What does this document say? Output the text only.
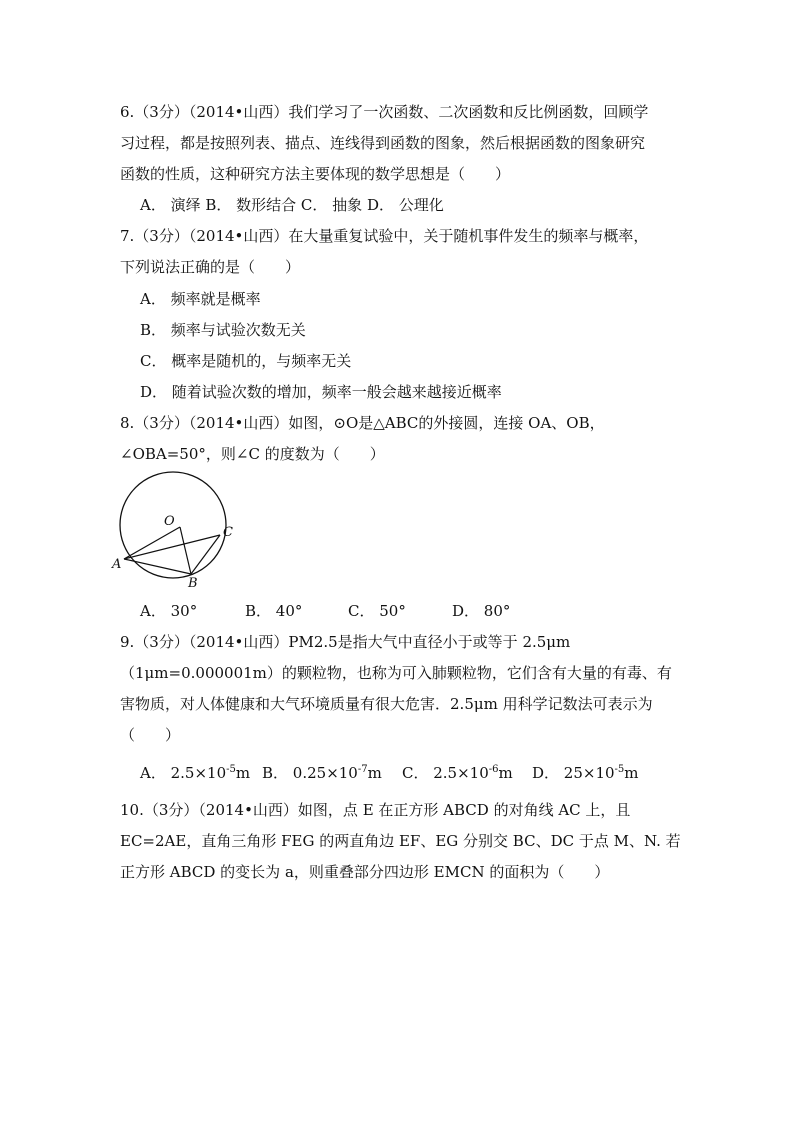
6.（3分）（2014•山西）我们学习了一次函数、二次函数和反比例函数，回顾学
习过程，都是按照列表、描点、连线得到函数的图象，然后根据函数的图象研究
函数的性质，这种研究方法主要体现的数学思想是（　　）
A． 演绎 B． 数形结合 C． 抽象 D． 公理化
7.（3分）（2014•山西）在大量重复试验中，关于随机事件发生的频率与概率，
下列说法正确的是（　　）
A． 频率就是概率
B． 频率与试验次数无关
C． 概率是随机的，与频率无关
D． 随着试验次数的增加，频率一般会越来越接近概率
8.（3分）（2014•山西）如图，⊙O是△ABC的外接圆，连接 OA、OB，
∠OBA=50°，则∠C 的度数为（　　）
O
A
B
C
A． 30°	B． 40°	C． 50°	D． 80°
9.（3分）（2014•山西）PM2.5是指大气中直径小于或等于 2.5μm
（1μm=0.000001m）的颗粒物，也称为可入肺颗粒物，它们含有大量的有毒、有
害物质，对人体健康和大气环境质量有很大危害．2.5μm 用科学记数法可表示为
（　　）
A． $2.5\times 10^{-5}m$ B． $0.25\times 10^{-7}m$ C． $2.5\times 10^{-6}m$ D． $25\times 10^{-5}m$
10.（3分）（2014•山西）如图，点 E 在正方形 ABCD 的对角线 AC 上，且
EC=2AE，直角三角形 FEG 的两直角边 EF、EG 分别交 BC、DC 于点 M、N. 若
正方形 ABCD 的变长为 a，则重叠部分四边形 EMCN 的面积为（　　）
